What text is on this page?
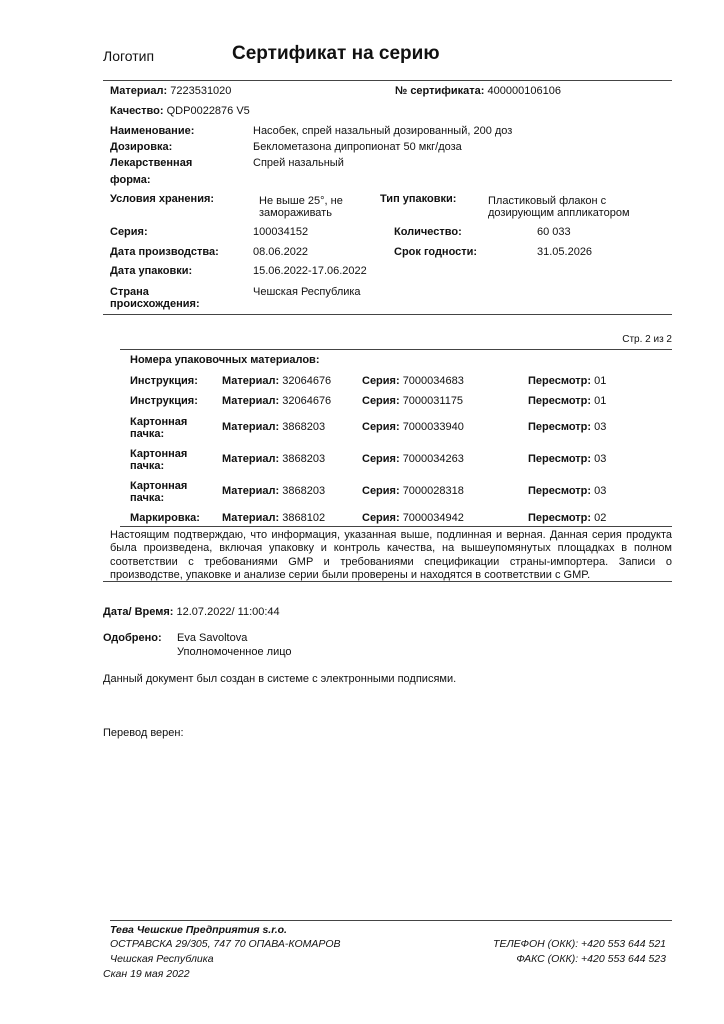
Логотип	Сертификат на серию
Материал: 7223531020	№ сертификата: 400000106106
Качество: QDP0022876 V5
Наименование:	Насобек, спрей назальный дозированный, 200 доз
Дозировка:	Беклометазона дипропионат 50 мкг/доза
Лекарственная
форма:
Спрей назальный
Условия хранения:	Не выше 25°, не
замораживать
Тип упаковки:	Пластиковый флакон с
дозирующим аппликатором
Серия:	100034152	Количество:	60 033
Дата производства:	08.06.2022	Срок годности:	31.05.2026
Дата упаковки:	15.06.2022-17.06.2022
Страна
происхождения:
Чешская Республика
Стр. 2 из 2
Номера упаковочных материалов:
Инструкция: Материал: 32064676	Серия: 7000034683	Пересмотр: 01
Инструкция: Материал: 32064676	Серия: 7000031175	Пересмотр: 01
Картонная
пачка:
Материал: 3868203	Серия: 7000033940	Пересмотр: 03
Картонная
пачка:
Материал: 3868203	Серия: 7000034263	Пересмотр: 03
Картонная
пачка:
Материал: 3868203	Серия: 7000028318	Пересмотр: 03
Маркировка: Материал: 3868102	Серия: 7000034942	Пересмотр: 02
Настоящим подтверждаю, что информация, указанная выше, подлинная и верная. Данная серия продукта была произведена, включая упаковку и контроль качества, на вышеупомянутых площадках в полном соответствии с требованиями GMP и требованиями спецификации страны-импортера. Записи о производстве, упаковке и анализе серии были проверены и находятся в соответствии с GMP.
Дата/ Время: 12.07.2022/ 11:00:44
Одобрено: Eva Savoltova
Уполномоченное лицо
Данный документ был создан в системе с электронными подписями.
Перевод верен:
Тева Чешские Предприятия s.r.o.
ОСТРАВСКА 29/305, 747 70 ОПАВА-КОМАРОВ
Чешская Республика
Скан 19 мая 2022
ТЕЛЕФОН (ОКК): +420 553 644 521
ФАКС (ОКК): +420 553 644 523
